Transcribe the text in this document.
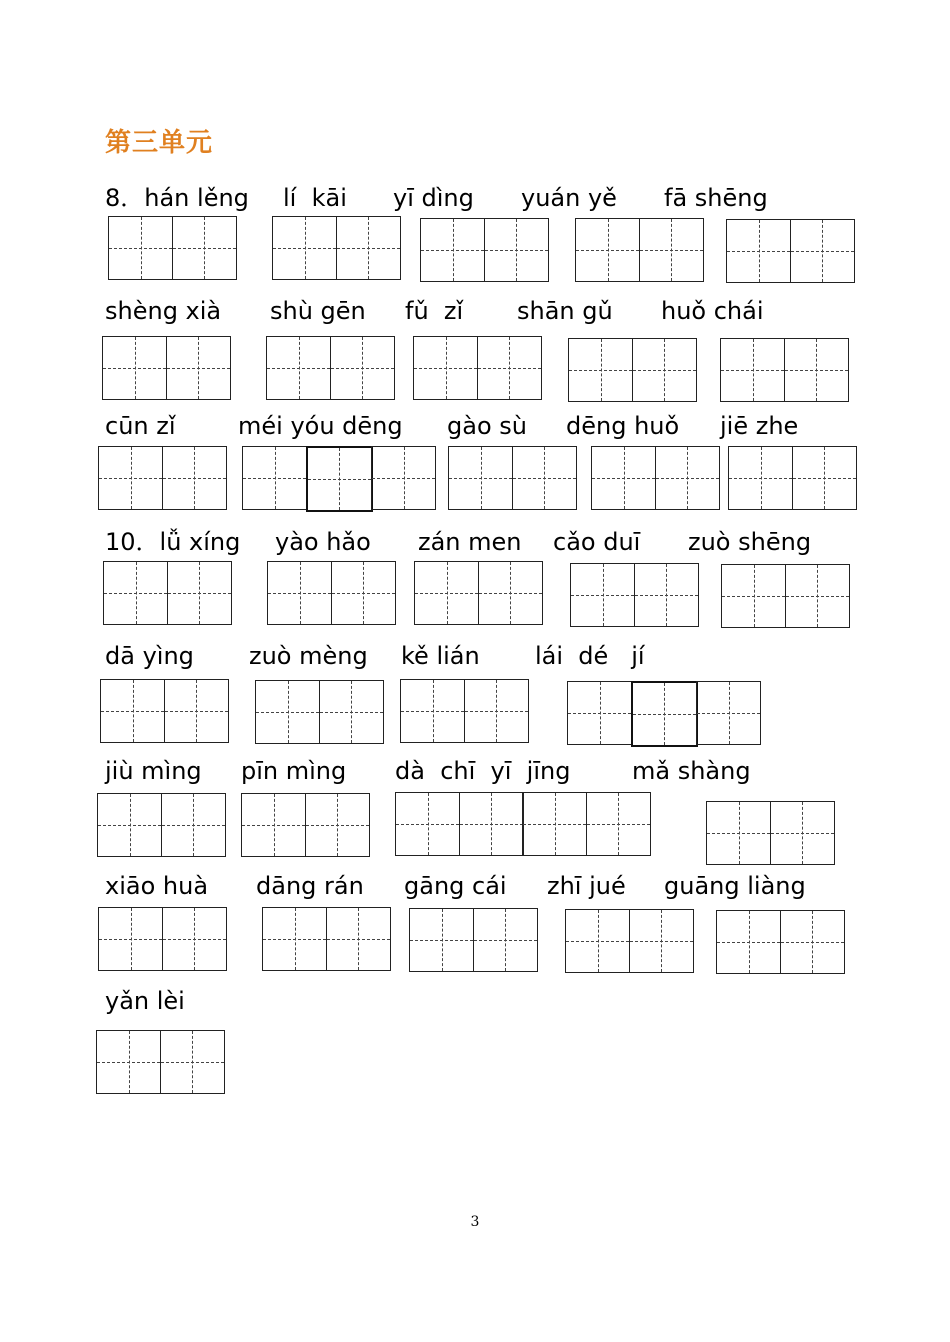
第三单元
8．hán lěng lí  kāi yī dìng yuán yě fā shēng
shèng xià shù gēn fǔ  zǐ shān gǔ huǒ chái
cūn zǐ	méi yóu dēng gào sù dēng huǒ jiē zhe
10．lǚ xíng yào hǎo zán men cǎo duī zuò shēng
dā yìng zuò mèng kě lián lái  dé   jí
jiù mìng pīn mìng dà  chī  yī  jīng	mǎ shàng
xiāo huà dāng rán gāng cái zhī jué guāng liàng
yǎn lèi
3
